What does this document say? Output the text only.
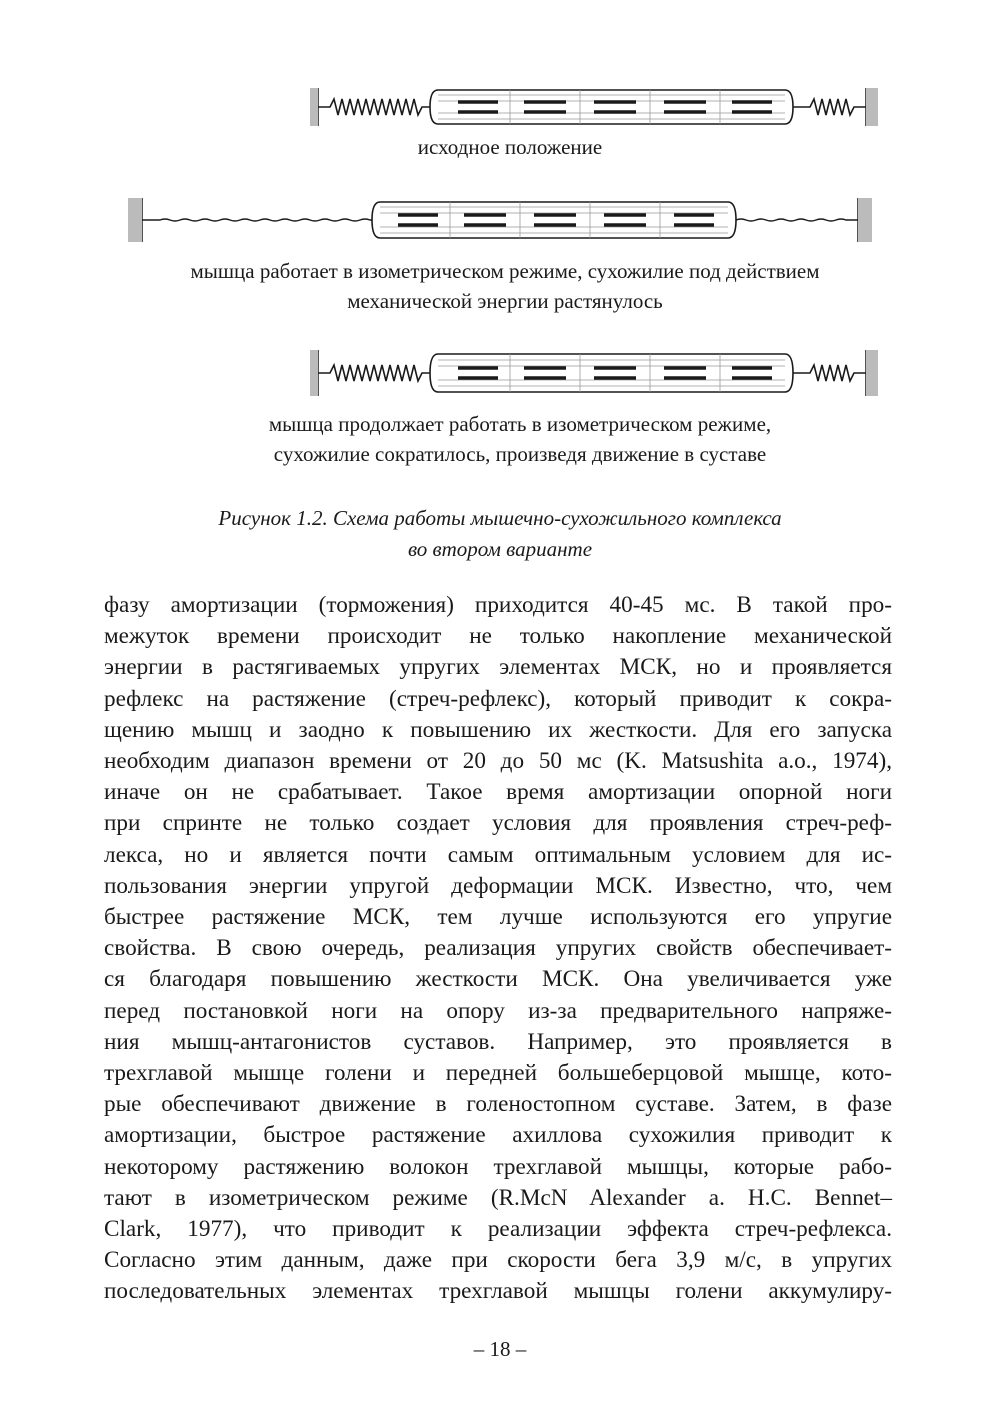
исходное положение
мышца работает в изометрическом режиме, сухожилие под действием
механической энергии растянулось
мышца продолжает работать в изометрическом режиме,
сухожилие сократилось, произведя движение в суставе
Рисунок 1.2. Схема работы мышечно-сухожильного комплекса
во втором варианте
фазу амортизации (торможения) приходится 40-45 мс. В такой про-
межуток времени происходит не только накопление механической
энергии в растягиваемых упругих элементах МСК, но и проявляется
рефлекс на растяжение (стреч-рефлекс), который приводит к сокра-
щению мышц и заодно к повышению их жесткости. Для его запуска
необходим диапазон времени от 20 до 50 мс (K. Matsushita a.o., 1974),
иначе он не срабатывает. Такое время амортизации опорной ноги
при спринте не только создает условия для проявления стреч-реф-
лекса, но и является почти самым оптимальным условием для ис-
пользования энергии упругой деформации МСК. Известно, что, чем
быстрее растяжение МСК, тем лучше используются его упругие
свойства. В свою очередь, реализация упругих свойств обеспечивает-
ся благодаря повышению жесткости МСК. Она увеличивается уже
перед постановкой ноги на опору из-за предварительного напряже-
ния мышц-антагонистов суставов. Например, это проявляется в
трехглавой мышце голени и передней большеберцовой мышце, кото-
рые обеспечивают движение в голеностопном суставе. Затем, в фазе
амортизации, быстрое растяжение ахиллова сухожилия приводит к
некоторому растяжению волокон трехглавой мышцы, которые рабо-
тают в изометрическом режиме (R.McN Alexander a. H.C. Bennet–
Clark, 1977), что приводит к реализации эффекта стреч-рефлекса.
Согласно этим данным, даже при скорости бега 3,9 м/с, в упругих
последовательных элементах трехглавой мышцы голени аккумулиру-
– 18 –
